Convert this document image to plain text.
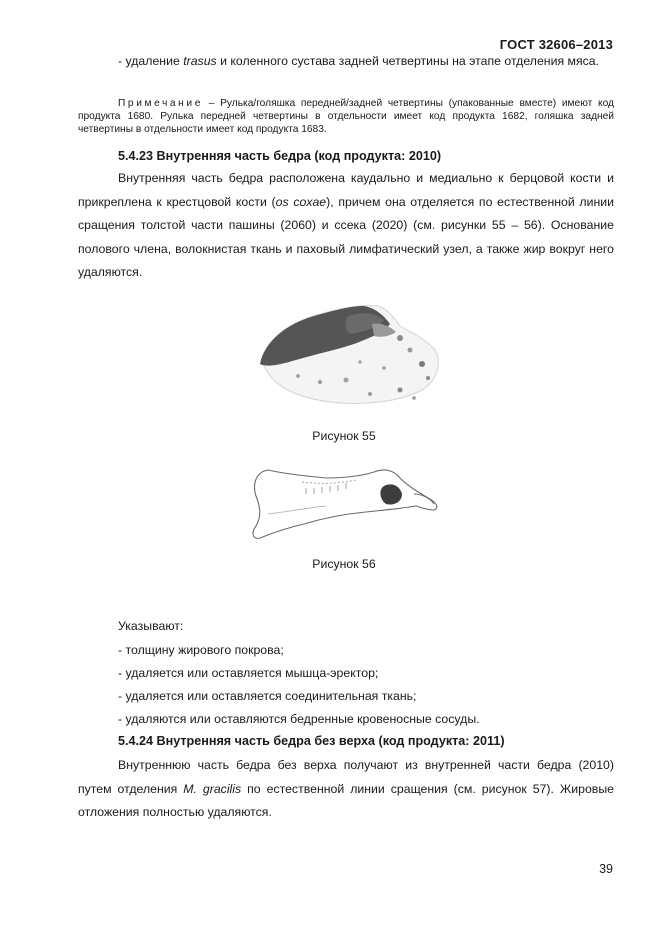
ГОСТ 32606–2013
- удаление trasus и коленного сустава задней четвертины на этапе отделения мяса.
Примечание – Рулька/голяшка передней/задней четвертины (упакованные вместе) имеют код продукта 1680. Рулька передней четвертины в отдельности имеет код продукта 1682, голяшка задней четвертины в отдельности имеет код продукта 1683.
5.4.23 Внутренняя часть бедра (код продукта: 2010)
Внутренняя часть бедра расположена каудально и медиально к берцовой кости и прикреплена к крестцовой кости (os coxae), причем она отделяется по естественной линии сращения толстой части пашины (2060) и ссека (2020) (см. рисунки 55 – 56). Основание полового члена, волокнистая ткань и паховый лимфатический узел, а также жир вокруг него удаляются.
Рисунок 55
Рисунок 56
Указывают:
- толщину жирового покрова;
- удаляется или оставляется мышца-эректор;
- удаляется или оставляется соединительная ткань;
- удаляются или оставляются бедренные кровеносные сосуды.
5.4.24 Внутренняя часть бедра без верха (код продукта: 2011)
Внутреннюю часть бедра без верха получают из внутренней части бедра (2010) путем отделения M. gracilis по естественной линии сращения (см. рисунок 57). Жировые отложения полностью удаляются.
39
